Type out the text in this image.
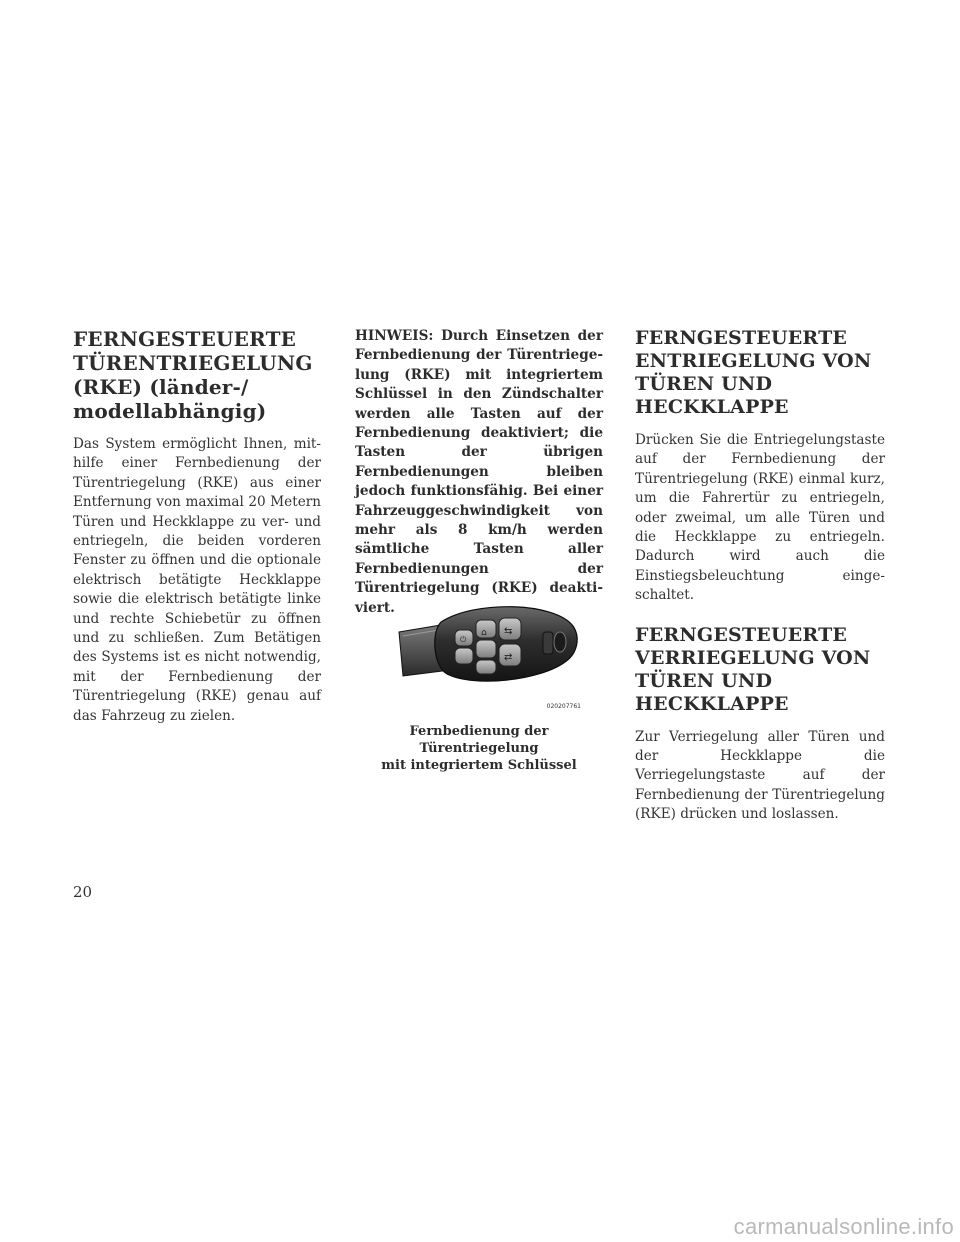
FERNGESTEUERTE
TÜRENTRIEGELUNG
(RKE) (länder-/
modellabhängig)

Das System ermöglicht Ihnen, mithilfe einer Fernbedienung der Türentriegelung (RKE) aus einer Entfernung von maximal 20 Metern Türen und Heckklappe zu ver- und entriegeln, die beiden vorderen Fenster zu öffnen und die optionale elektrisch betätigte Heckklappe sowie die elektrisch betätigte linke und rechte Schiebetür zu öffnen und zu schließen. Zum Betätigen des Systems ist es nicht notwendig, mit der Fernbedienung der Türentriegelung (RKE) genau auf das Fahrzeug zu zielen.

HINWEIS: Durch Einsetzen der Fernbedienung der Türentriegelung (RKE) mit integriertem Schlüssel in den Zündschalter werden alle Tasten auf der Fernbedienung deaktiviert; die Tasten der übrigen Fernbedienungen bleiben jedoch funktionsfähig. Bei einer Fahrzeuggeschwindigkeit von mehr als 8 km/h werden sämtliche Tasten aller Fernbedienungen der Türentriegelung (RKE) deaktiviert.

⏻
⌂ ⇆
⇄
020207761
Fernbedienung der Türentriegelung
mit integriertem Schlüssel
FERNGESTEUERTE
ENTRIEGELUNG VON
TÜREN UND HECKKLAPPE

Drücken Sie die Entriegelungstaste auf der Fernbedienung der Türentriegelung (RKE) einmal kurz, um die Fahrertür zu entriegeln, oder zweimal, um alle Türen und die Heckklappe zu entriegeln. Dadurch wird auch die Einstiegsbeleuchtung eingeschaltet.

FERNGESTEUERTE
VERRIEGELUNG VON
TÜREN UND HECKKLAPPE

Zur Verriegelung aller Türen und der Heckklappe die Verriegelungstaste auf der Fernbedienung der Türentriegelung (RKE) drücken und loslassen.

20
carmanualsonline.info
